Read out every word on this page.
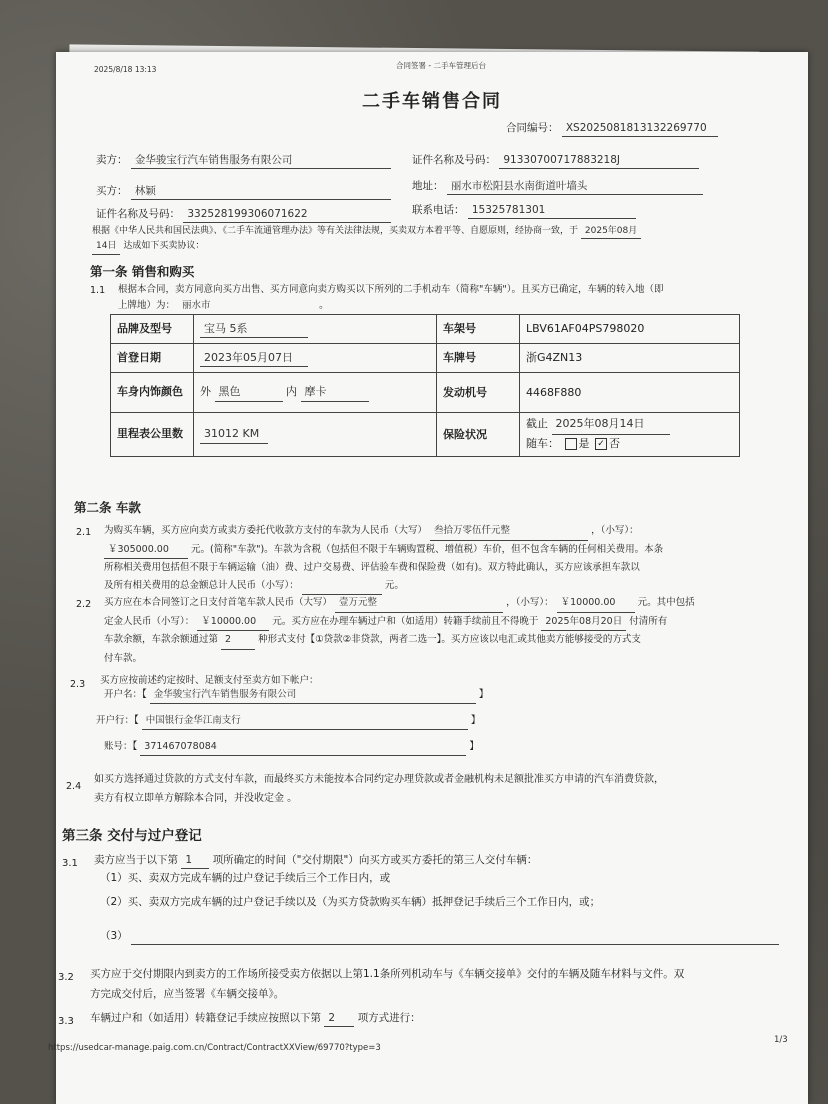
2025/8/18 13:13	合同签署 - 二手车管理后台
二手车销售合同
合同编号： XS2025081813132269770
卖方： 金华骏宝行汽车销售服务有限公司	证件名称及号码： 91330700717883218J
买方： 林颖	地址： 丽水市松阳县水南街道叶墙头
证件名称及号码： 332528199306071622	联系电话： 15325781301
根据《中华人民共和国民法典》、《二手车流通管理办法》等有关法律法规，买卖双方本着平等、自愿原则，经协商一致，于 2025年08月
14日 达成如下买卖协议：
第一条 销售和购买
1.1 根据本合同，卖方同意向买方出售、买方同意向卖方购买以下所列的二手机动车（简称"车辆"）。且买方已确定，车辆的转入地（即
上牌地）为： 丽水市	。
品牌及型号	宝马 5系	车架号	LBV61AF04PS798020
首登日期	2023年05月07日	车牌号	浙G4ZN13
车身内饰颜色	外 黑色 内 摩卡	发动机号	4468F880
里程表公里数	31012 KM	保险状况	截止 2025年08月14日
随车： 是 ✓ 否
第二条 车款
2.1 为购买车辆，买方应向卖方或卖方委托代收款方支付的车款为人民币（大写） 叁拾万零伍仟元整	，（小写）：
￥305000.00 元。(简称"车款")。车款为含税（包括但不限于车辆购置税、增值税）车价，但不包含车辆的任何相关费用。本条
所称相关费用包括但不限于车辆运输（油）费、过户交易费、评估验车费和保险费（如有)。双方特此确认，买方应该承担车款以
及所有相关费用的总金额总计人民币（小写）：	元。
2.2 买方应在本合同签订之日支付首笔车款人民币（大写） 壹万元整	，（小写）： ￥10000.00 元。其中包括
定金人民币（小写）： ￥10000.00 元。买方应在办理车辆过户和（如适用）转籍手续前且不得晚于 2025年08月20日 付清所有
车款余额，车款余额通过第 2	种形式支付【①贷款②非贷款，两者二选一】。买方应该以电汇或其他卖方能够接受的方式支
付车款。
2.3 买方应按前述约定按时、足额支付至卖方如下帐户：
开户名：【 金华骏宝行汽车销售服务有限公司	】
开户行：【 中国银行金华江南支行	】
账号：【 371467078084	】
2.4
如买方选择通过贷款的方式支付车款，而最终买方未能按本合同约定办理贷款或者金融机构未足额批准买方申请的汽车消费贷款，
卖方有权立即单方解除本合同，并没收定金 。
第三条 交付与过户登记
3.1 卖方应当于以下第 1 项所确定的时间（"交付期限"）向买方或买方委托的第三人交付车辆：
（1）买、卖双方完成车辆的过户登记手续后三个工作日内，或
（2）买、卖双方完成车辆的过户登记手续以及（为买方贷款购买车辆）抵押登记手续后三个工作日内，或；
（3）
3.2 买方应于交付期限内到卖方的工作场所接受卖方依据以上第1.1条所列机动车与《车辆交接单》交付的车辆及随车材料与文件。双
方完成交付后，应当签署《车辆交接单》。
3.3 车辆过户和（如适用）转籍登记手续应按照以下第 2 项方式进行：
https://usedcar-manage.paig.com.cn/Contract/ContractXXView/69770?type=3
1/3
